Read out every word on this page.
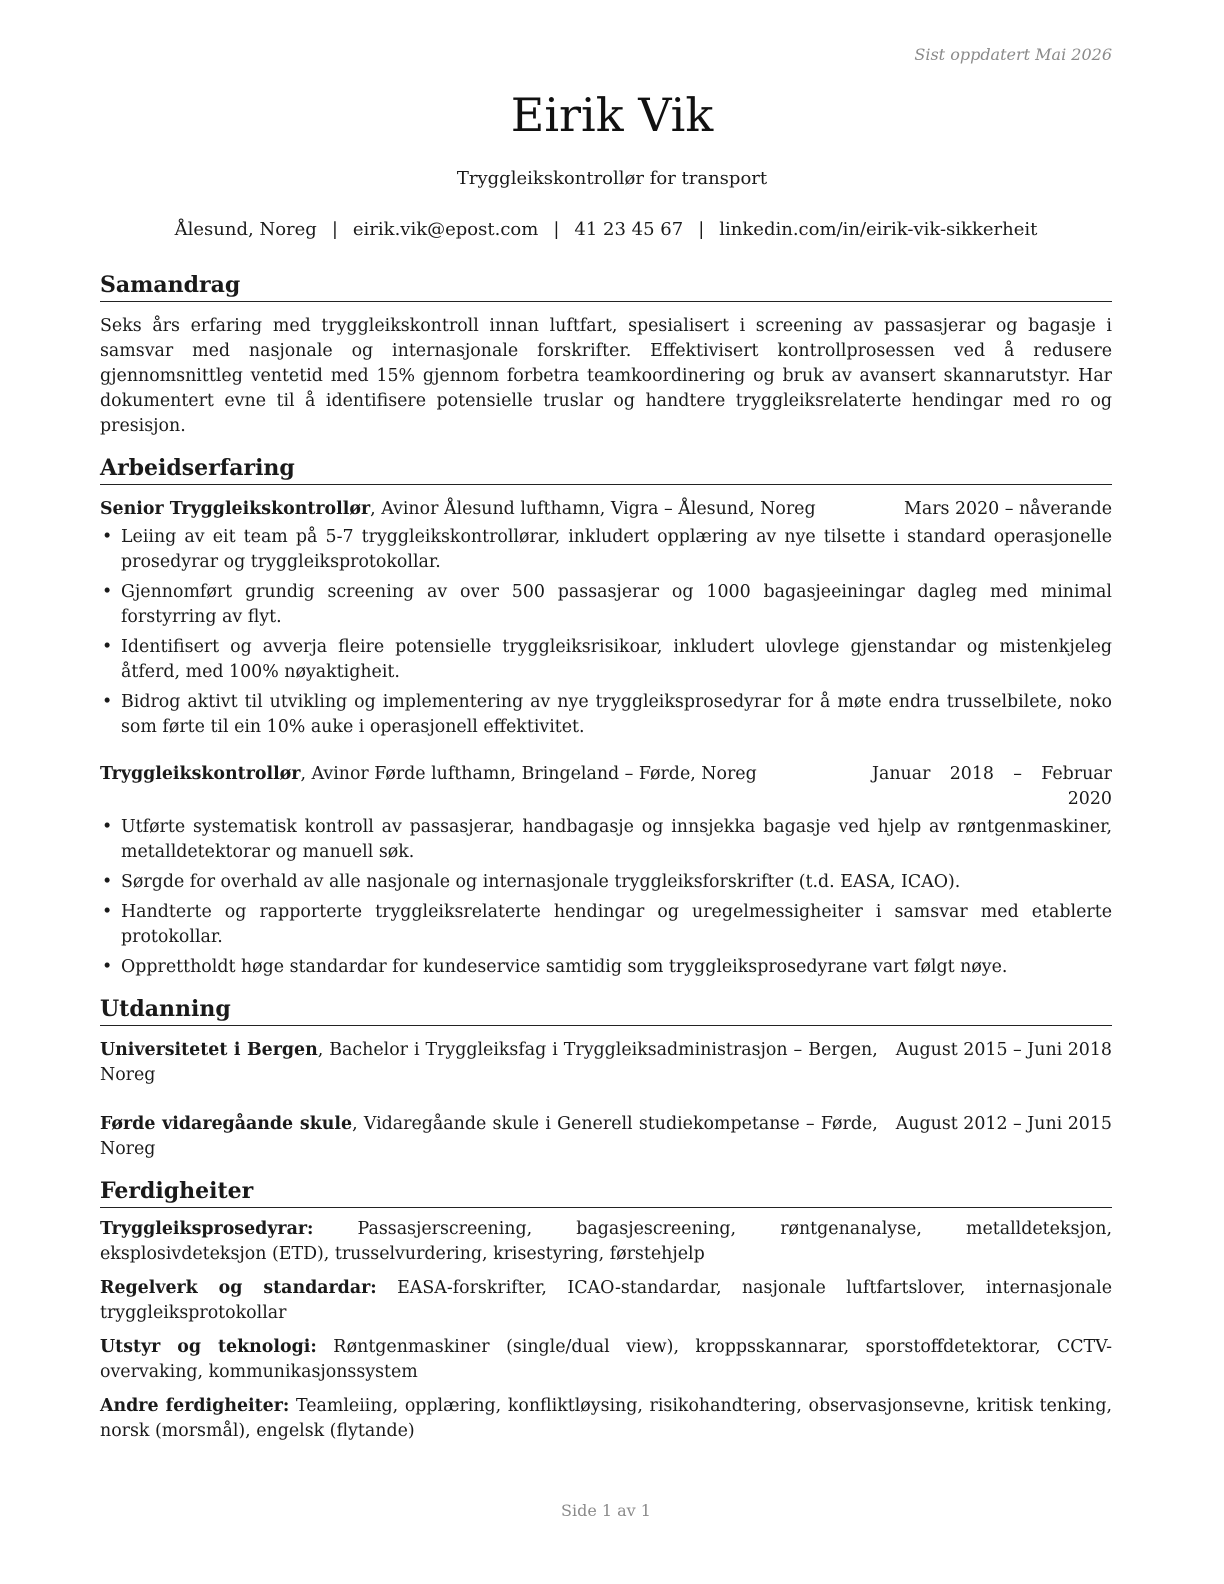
Sist oppdatert Mai 2026
Eirik Vik
Tryggleikskontrollør for transport
Ålesund, Noreg | eirik.vik@epost.com | 41 23 45 67 | linkedin.com/in/eirik-vik-sikkerheit
Samandrag

Seks års erfaring med tryggleikskontroll innan luftfart, spesialisert i screening av passasjerar og bagasje i samsvar med nasjonale og internasjonale forskrifter. Effektivisert kontrollprosessen ved å redusere gjennomsnittleg ventetid med 15% gjennom forbetra teamkoordinering og bruk av avansert skannarutstyr. Har dokumentert evne til å identifisere potensielle truslar og handtere tryggleiksrelaterte hendingar med ro og presisjon.

Arbeidserfaring
Senior Tryggleikskontrollør, Avinor Ålesund lufthamn, Vigra – Ålesund, Noreg	Mars 2020 – nåverande
• Leiing av eit team på 5-7 tryggleikskontrollørar, inkludert opplæring av nye tilsette i standard operasjonelle prosedyrar og tryggleiksprotokollar.
• Gjennomført grundig screening av over 500 passasjerar og 1000 bagasjeeiningar dagleg med minimal forstyrring av flyt.
• Identifisert og avverja fleire potensielle tryggleiksrisikoar, inkludert ulovlege gjenstandar og mistenkjeleg åtferd, med 100% nøyaktigheit.
• Bidrog aktivt til utvikling og implementering av nye tryggleiksprosedyrar for å møte endra trusselbilete, noko som førte til ein 10% auke i operasjonell effektivitet.
Tryggleikskontrollør, Avinor Førde lufthamn, Bringeland – Førde, Noreg	Januar 2018 – Februar 2020
• Utførte systematisk kontroll av passasjerar, handbagasje og innsjekka bagasje ved hjelp av røntgenmaskiner, metalldetektorar og manuell søk.
• Sørgde for overhald av alle nasjonale og internasjonale tryggleiksforskrifter (t.d. EASA, ICAO).
• Handterte og rapporterte tryggleiksrelaterte hendingar og uregelmessigheiter i samsvar med etablerte protokollar.
• Opprettholdt høge standardar for kundeservice samtidig som tryggleiksprosedyrane vart følgt nøye.
Utdanning
Universitetet i Bergen, Bachelor i Tryggleiksfag i Tryggleiksadministrasjon – Bergen, Noreg
August 2015 – Juni 2018
Førde vidaregåande skule, Vidaregåande skule i Generell studiekompetanse – Førde, Noreg
August 2012 – Juni 2015
Ferdigheiter
Tryggleiksprosedyrar: Passasjerscreening, bagasjescreening, røntgenanalyse, metalldeteksjon, eksplosivdeteksjon (ETD), trusselvurdering, krisestyring, førstehjelp
Regelverk og standardar: EASA-forskrifter, ICAO-standardar, nasjonale luftfartslover, internasjonale tryggleiksprotokollar
Utstyr og teknologi: Røntgenmaskiner (single/dual view), kroppsskannarar, sporstoffdetektorar, CCTV-overvaking, kommunikasjonssystem
Andre ferdigheiter: Teamleiing, opplæring, konfliktløysing, risikohandtering, observasjonsevne, kritisk tenking, norsk (morsmål), engelsk (flytande)
Side 1 av 1
